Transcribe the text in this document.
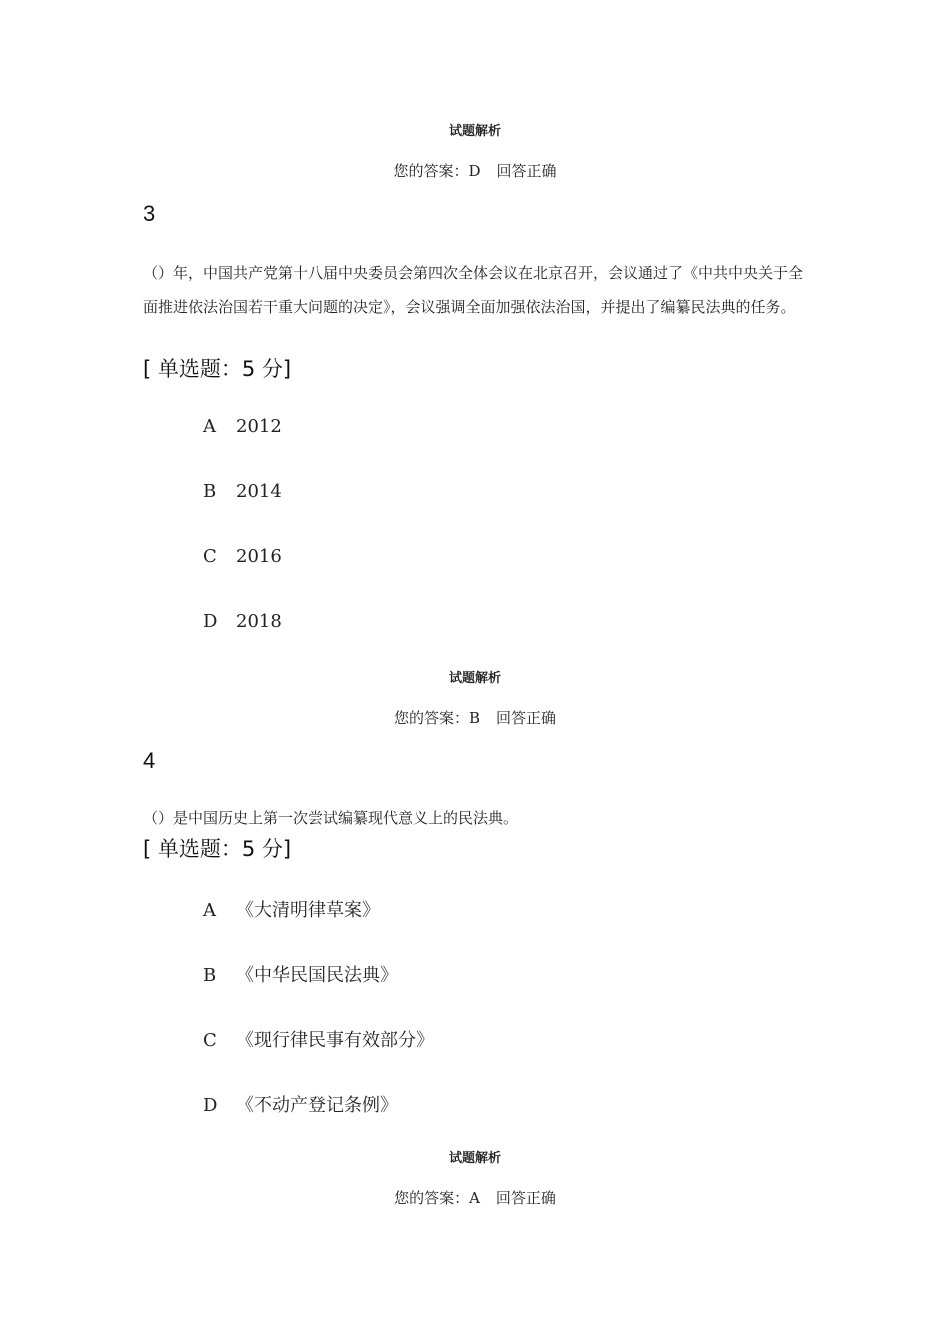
试题解析
您的答案：D 回答正确
3
（）年，中国共产党第十八届中央委员会第四次全体会议在北京召开，会议通过了《中共中央关于全面推进依法治国若干重大问题的决定》，会议强调全面加强依法治国，并提出了编纂民法典的任务。
[ 单选题：5 分]
A 2012
B 2014
C 2016
D 2018
试题解析
您的答案：B 回答正确
4
（）是中国历史上第一次尝试编纂现代意义上的民法典。
[ 单选题：5 分]
A 《大清明律草案》
B 《中华民国民法典》
C 《现行律民事有效部分》
D 《不动产登记条例》
试题解析
您的答案：A 回答正确
